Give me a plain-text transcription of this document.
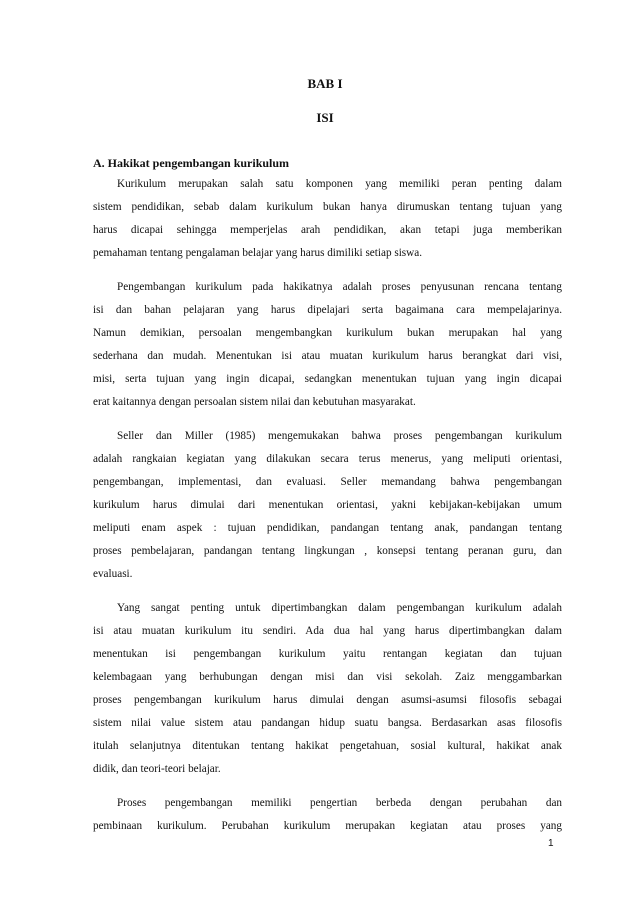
BAB I
ISI
A. Hakikat pengembangan kurikulum
Kurikulum merupakan salah satu komponen yang memiliki peran penting dalam
sistem pendidikan, sebab dalam kurikulum bukan hanya dirumuskan tentang tujuan yang
harus dicapai sehingga memperjelas arah pendidikan, akan tetapi juga memberikan
pemahaman tentang pengalaman belajar yang harus dimiliki setiap siswa.
Pengembangan kurikulum pada hakikatnya adalah proses penyusunan rencana tentang
isi dan bahan pelajaran yang harus dipelajari serta bagaimana cara mempelajarinya.
Namun demikian, persoalan mengembangkan kurikulum bukan merupakan hal yang
sederhana dan mudah. Menentukan isi atau muatan kurikulum harus berangkat dari visi,
misi, serta tujuan yang ingin dicapai, sedangkan menentukan tujuan yang ingin dicapai
erat kaitannya dengan persoalan sistem nilai dan kebutuhan masyarakat.
Seller dan Miller (1985) mengemukakan bahwa proses pengembangan kurikulum
adalah rangkaian kegiatan yang dilakukan secara terus menerus, yang meliputi orientasi,
pengembangan, implementasi, dan evaluasi. Seller memandang bahwa pengembangan
kurikulum harus dimulai dari menentukan orientasi, yakni kebijakan-kebijakan umum
meliputi enam aspek : tujuan pendidikan, pandangan tentang anak, pandangan tentang
proses pembelajaran, pandangan tentang lingkungan , konsepsi tentang peranan guru, dan
evaluasi.
Yang sangat penting untuk dipertimbangkan dalam pengembangan kurikulum adalah
isi atau muatan kurikulum itu sendiri. Ada dua hal yang harus dipertimbangkan dalam
menentukan isi pengembangan kurikulum yaitu rentangan kegiatan dan tujuan
kelembagaan yang berhubungan dengan misi dan visi sekolah. Zaiz menggambarkan
proses pengembangan kurikulum harus dimulai dengan asumsi-asumsi filosofis sebagai
sistem nilai value sistem atau pandangan hidup suatu bangsa. Berdasarkan asas filosofis
itulah selanjutnya ditentukan tentang hakikat pengetahuan, sosial kultural, hakikat anak
didik, dan teori-teori belajar.
Proses pengembangan memiliki pengertian berbeda dengan perubahan dan
pembinaan kurikulum. Perubahan kurikulum merupakan kegiatan atau proses yang
1
